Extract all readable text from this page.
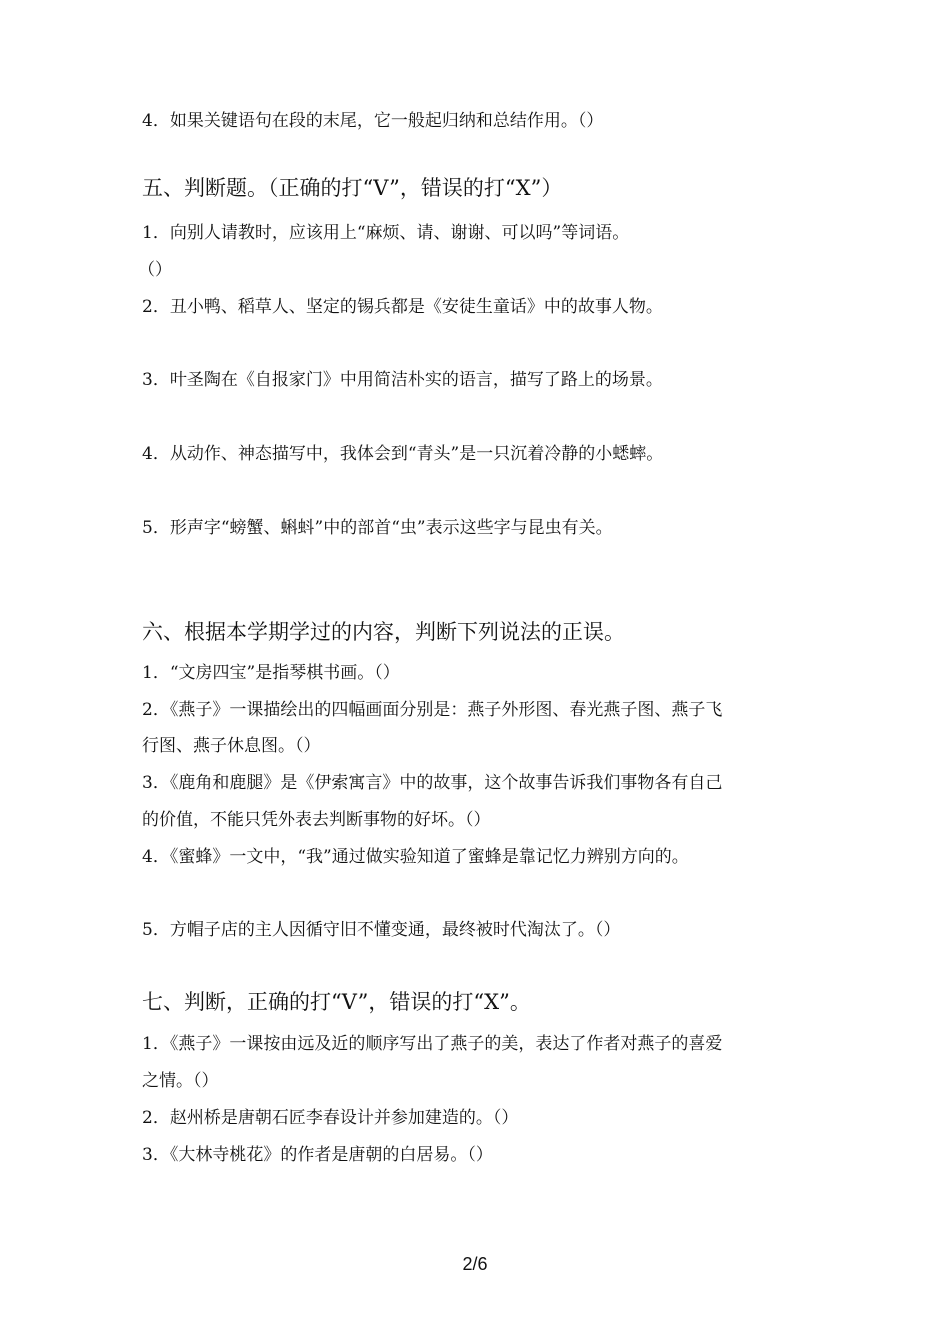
4．如果关键语句在段的末尾，它一般起归纳和总结作用。（）
五、判断题。（正确的打“V”，错误的打“X”）
1．向别人请教时，应该用上“麻烦、请、谢谢、可以吗”等词语。
（）
2．丑小鸭、稻草人、坚定的锡兵都是《安徒生童话》中的故事人物。
3．叶圣陶在《自报家门》中用简洁朴实的语言，描写了路上的场景。
4．从动作、神态描写中，我体会到“青头”是一只沉着冷静的小蟋蟀。
5．形声字“螃蟹、蝌蚪”中的部首“虫”表示这些字与昆虫有关。
六、根据本学期学过的内容，判断下列说法的正误。
1．“文房四宝”是指琴棋书画。（）
2．《燕子》一课描绘出的四幅画面分别是：燕子外形图、春光燕子图、燕子飞
行图、燕子休息图。（）
3．《鹿角和鹿腿》是《伊索寓言》中的故事，这个故事告诉我们事物各有自己
的价值，不能只凭外表去判断事物的好坏。（）
4．《蜜蜂》一文中，“我”通过做实验知道了蜜蜂是靠记忆力辨别方向的。
5．方帽子店的主人因循守旧不懂变通，最终被时代淘汰了。（）
七、判断，正确的打“V”，错误的打“X”。
1．《燕子》一课按由远及近的顺序写出了燕子的美，表达了作者对燕子的喜爱
之情。（）
2．赵州桥是唐朝石匠李春设计并参加建造的。（）
3．《大林寺桃花》的作者是唐朝的白居易。（）
2/6
